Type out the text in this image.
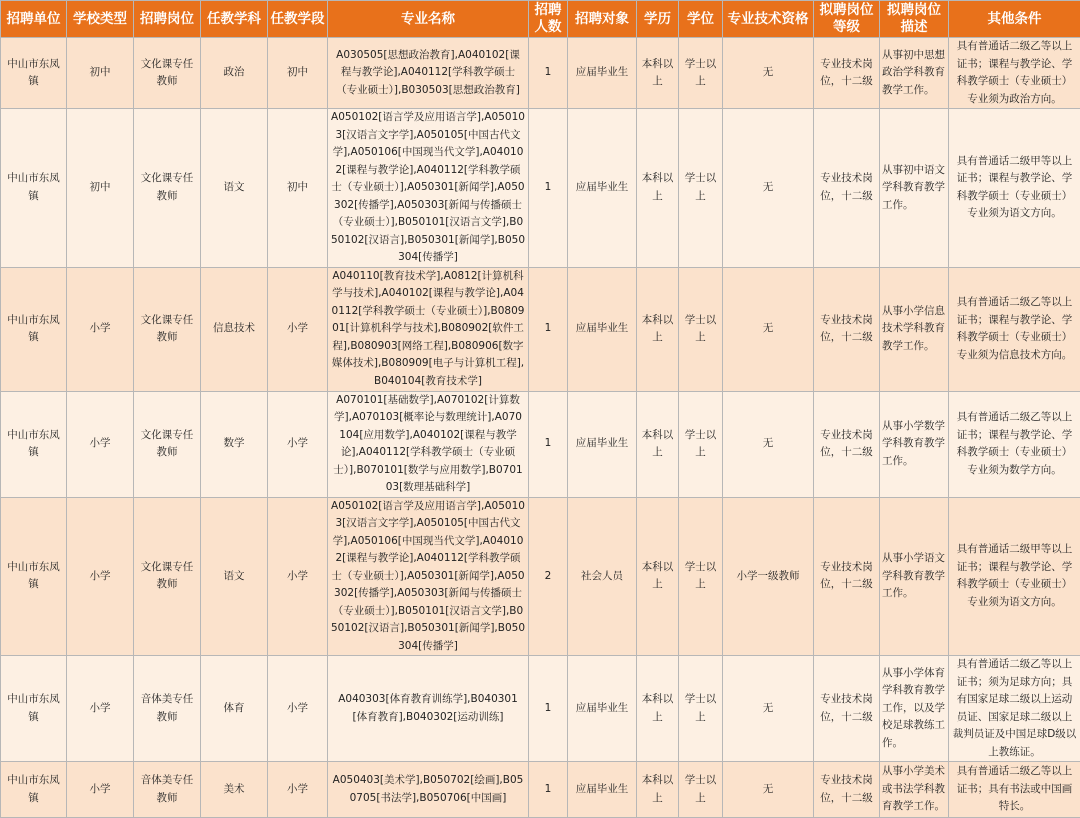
招聘单位	学校类型	招聘岗位	任教学科	任教学段	专业名称	招聘人数	招聘对象	学历	学位	专业技术资格	拟聘岗位等级	拟聘岗位描述	其他条件
中山市东凤镇	初中	文化课专任教师	政治	初中	A030505[思想政治教育],A040102[课程与教学论],A040112[学科教学硕士（专业硕士）],B030503[思想政治教育]	1	应届毕业生	本科以上	学士以上	无	专业技术岗位，十二级	从事初中思想政治学科教育教学工作。	具有普通话二级乙等以上证书；课程与教学论、学科教学硕士（专业硕士）专业须为政治方向。
中山市东凤镇	初中	文化课专任教师	语文	初中	A050102[语言学及应用语言学],A050103[汉语言文字学],A050105[中国古代文学],A050106[中国现当代文学],A040102[课程与教学论],A040112[学科教学硕士（专业硕士）],A050301[新闻学],A050302[传播学],A050303[新闻与传播硕士（专业硕士）],B050101[汉语言文学],B050102[汉语言],B050301[新闻学],B050304[传播学]	1	应届毕业生	本科以上	学士以上	无	专业技术岗位，十二级	从事初中语文学科教育教学工作。	具有普通话二级甲等以上证书；课程与教学论、学科教学硕士（专业硕士）专业须为语文方向。
中山市东凤镇	小学	文化课专任教师	信息技术	小学	A040110[教育技术学],A0812[计算机科学与技术],A040102[课程与教学论],A040112[学科教学硕士（专业硕士）],B080901[计算机科学与技术],B080902[软件工程],B080903[网络工程],B080906[数字媒体技术],B080909[电子与计算机工程],B040104[教育技术学]	1	应届毕业生	本科以上	学士以上	无	专业技术岗位，十二级	从事小学信息技术学科教育教学工作。	具有普通话二级乙等以上证书；课程与教学论、学科教学硕士（专业硕士）专业须为信息技术方向。
中山市东凤镇	小学	文化课专任教师	数学	小学	A070101[基础数学],A070102[计算数学],A070103[概率论与数理统计],A070104[应用数学],A040102[课程与教学论],A040112[学科教学硕士（专业硕士）],B070101[数学与应用数学],B070103[数理基础科学]	1	应届毕业生	本科以上	学士以上	无	专业技术岗位，十二级	从事小学数学学科教育教学工作。	具有普通话二级乙等以上证书；课程与教学论、学科教学硕士（专业硕士）专业须为数学方向。
中山市东凤镇	小学	文化课专任教师	语文	小学	A050102[语言学及应用语言学],A050103[汉语言文字学],A050105[中国古代文学],A050106[中国现当代文学],A040102[课程与教学论],A040112[学科教学硕士（专业硕士）],A050301[新闻学],A050302[传播学],A050303[新闻与传播硕士（专业硕士）],B050101[汉语言文学],B050102[汉语言],B050301[新闻学],B050304[传播学]	2	社会人员	本科以上	学士以上	小学一级教师	专业技术岗位，十二级	从事小学语文学科教育教学工作。	具有普通话二级甲等以上证书；课程与教学论、学科教学硕士（专业硕士）专业须为语文方向。
中山市东凤镇	小学	音体美专任教师	体育	小学	A040303[体育教育训练学],B040301[体育教育],B040302[运动训练]	1	应届毕业生	本科以上	学士以上	无	专业技术岗位，十二级	从事小学体育学科教育教学工作，以及学校足球教练工作。	具有普通话二级乙等以上证书；须为足球方向；具有国家足球二级以上运动员证、国家足球二级以上裁判员证及中国足球D级以上教练证。
中山市东凤镇	小学	音体美专任教师	美术	小学	A050403[美术学],B050702[绘画],B050705[书法学],B050706[中国画]	1	应届毕业生	本科以上	学士以上	无	专业技术岗位，十二级	从事小学美术或书法学科教育教学工作。	具有普通话二级乙等以上证书；具有书法或中国画特长。
